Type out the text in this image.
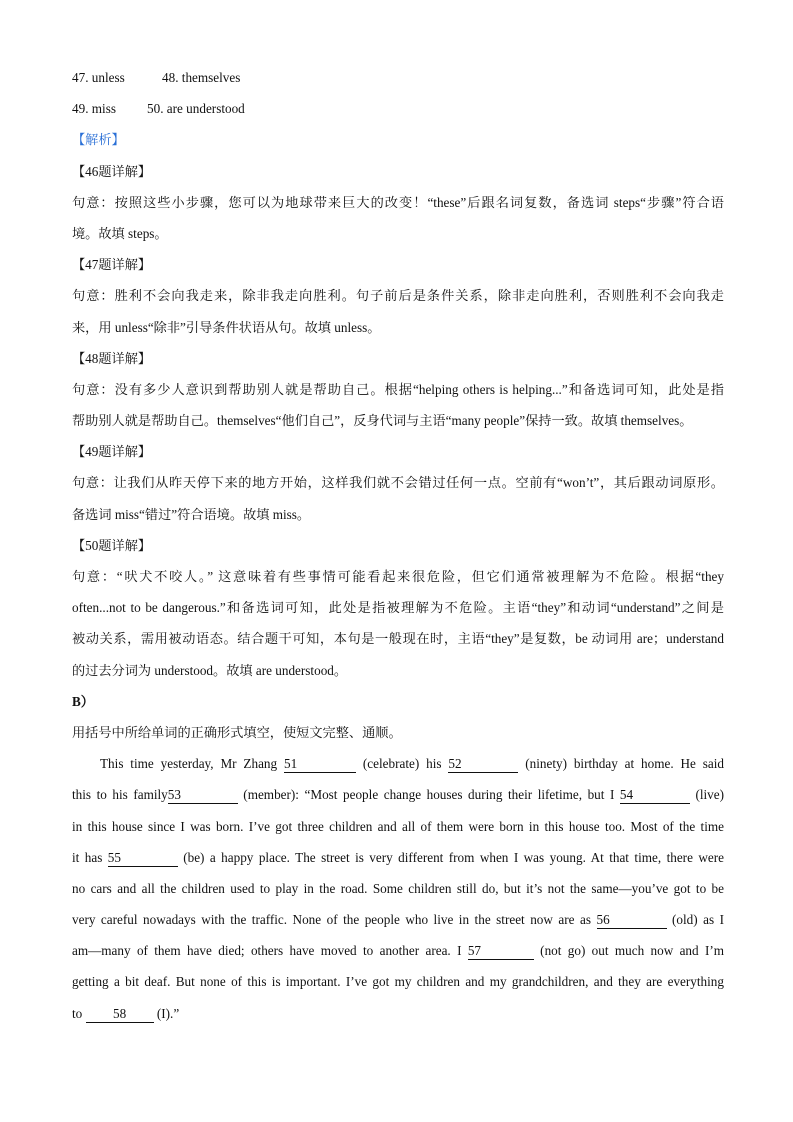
47. unless	48. themselves
49. miss 50. are understood
【解析】
【46题详解】
句意：按照这些小步骤，您可以为地球带来巨大的改变！“these”后跟名词复数，备选词 steps“步骤”符合语
境。故填 steps。
【47题详解】
句意：胜利不会向我走来，除非我走向胜利。句子前后是条件关系，除非走向胜利，否则胜利不会向我走
来，用 unless“除非”引导条件状语从句。故填 unless。
【48题详解】
句意：没有多少人意识到帮助别人就是帮助自己。根据“helping others is helping...”和备选词可知，此处是指
帮助别人就是帮助自己。themselves“他们自己”，反身代词与主语“many people”保持一致。故填 themselves。
【49题详解】
句意：让我们从昨天停下来的地方开始，这样我们就不会错过任何一点。空前有“won’t”，其后跟动词原形。
备选词 miss“错过”符合语境。故填 miss。
【50题详解】
句意：“吠犬不咬人。” 这意味着有些事情可能看起来很危险，但它们通常被理解为不危险。根据“they
often...not to be dangerous.”和备选词可知，此处是指被理解为不危险。主语“they”和动词“understand”之间是
被动关系，需用被动语态。结合题干可知，本句是一般现在时，主语“they”是复数，be 动词用 are；understand
的过去分词为 understood。故填 are understood。
B）
用括号中所给单词的正确形式填空，使短文完整、通顺。
This time yesterday, Mr Zhang 51	(celebrate) his 52	(ninety) birthday at home. He said
this to his family53	(member): “Most people change houses during their lifetime, but I 54	(live)
in this house since I was born. I’ve got three children and all of them were born in this house too. Most of the time
it has 55	(be) a happy place. The street is very different from when I was young. At that time, there were
no cars and all the children used to play in the road. Some children still do, but it’s not the same—you’ve got to be
very careful nowadays with the traffic. None of the people who live in the street now are as 56	(old) as I
am—many of them have died; others have moved to another area. I 57	(not go) out much now and I’m
getting a bit deaf. But none of this is important. I’ve got my children and my grandchildren, and they are everything
to 58 (I).”
